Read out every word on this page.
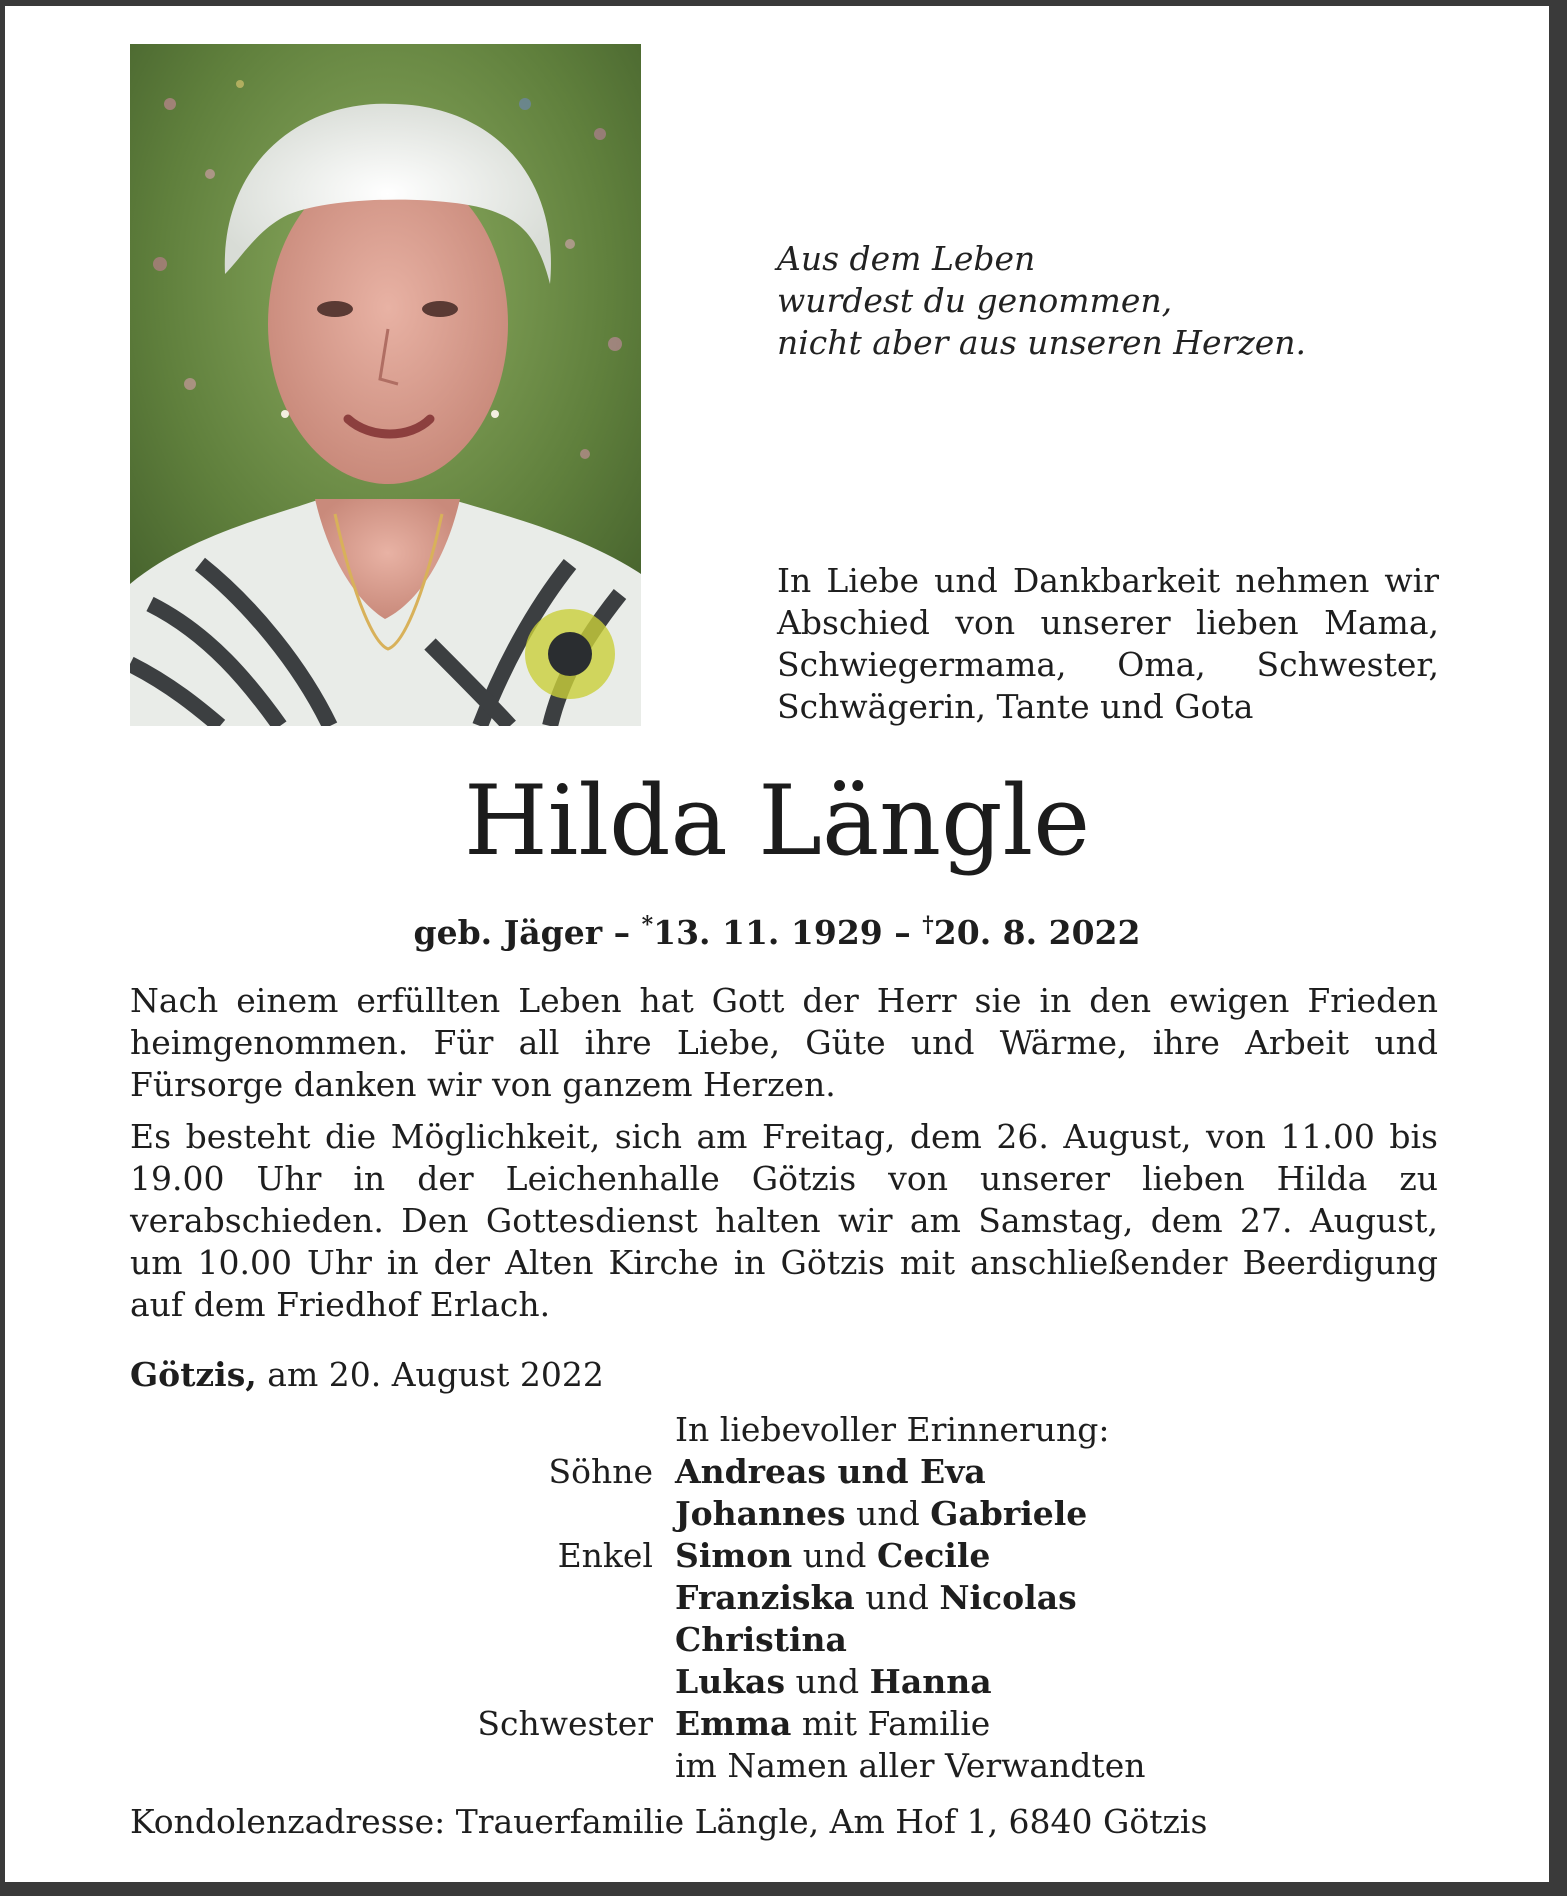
Aus dem Leben
wurdest du genommen,
nicht aber aus unseren Herzen.

In Liebe und Dankbarkeit nehmen wir Abschied von unserer lieben Mama, Schwiegermama, Oma, Schwester, Schwägerin, Tante und Gota

Hilda Längle

geb. Jäger – *13. 11. 1929 – †20. 8. 2022

Nach einem erfüllten Leben hat Gott der Herr sie in den ewigen Frieden heimgenommen. Für all ihre Liebe, Güte und Wärme, ihre Arbeit und Fürsorge danken wir von ganzem Herzen.

Es besteht die Möglichkeit, sich am Freitag, dem 26. August, von 11.00 bis 19.00 Uhr in der Leichenhalle Götzis von unserer lieben Hilda zu verabschieden. Den Gottesdienst halten wir am Samstag, dem 27. August, um 10.00 Uhr in der Alten Kirche in Götzis mit anschließender Beerdigung auf dem Friedhof Erlach.

Götzis, am 20. August 2022
In liebevoller Erinnerung:
Söhne Andreas und Eva
Johannes und Gabriele
Enkel Simon und Cecile
Franziska und Nicolas
Christina
Lukas und Hanna
Schwester Emma mit Familie
im Namen aller Verwandten
Kondolenzadresse: Trauerfamilie Längle, Am Hof 1, 6840 Götzis
